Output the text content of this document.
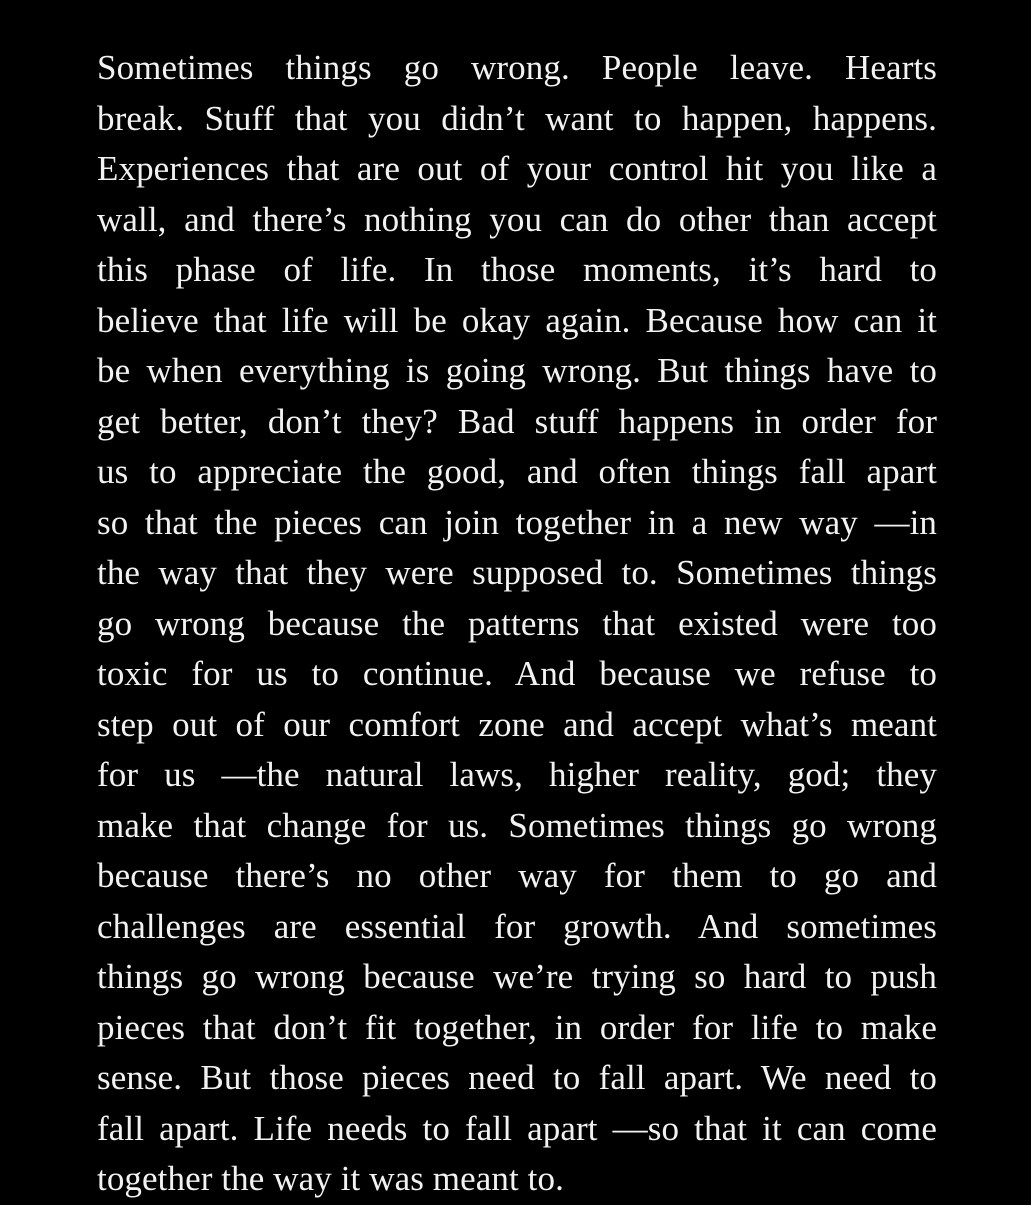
Sometimes things go wrong. People leave. Hearts
break. Stuff that you didn’t want to happen, happens.
Experiences that are out of your control hit you like a
wall, and there’s nothing you can do other than accept
this phase of life. In those moments, it’s hard to
believe that life will be okay again. Because how can it
be when everything is going wrong. But things have to
get better, don’t they? Bad stuff happens in order for
us to appreciate the good, and often things fall apart
so that the pieces can join together in a new way —in
the way that they were supposed to. Sometimes things
go wrong because the patterns that existed were too
toxic for us to continue. And because we refuse to
step out of our comfort zone and accept what’s meant
for us —the natural laws, higher reality, god; they
make that change for us. Sometimes things go wrong
because there’s no other way for them to go and
challenges are essential for growth. And sometimes
things go wrong because we’re trying so hard to push
pieces that don’t fit together, in order for life to make
sense. But those pieces need to fall apart. We need to
fall apart. Life needs to fall apart —so that it can come
together the way it was meant to.
